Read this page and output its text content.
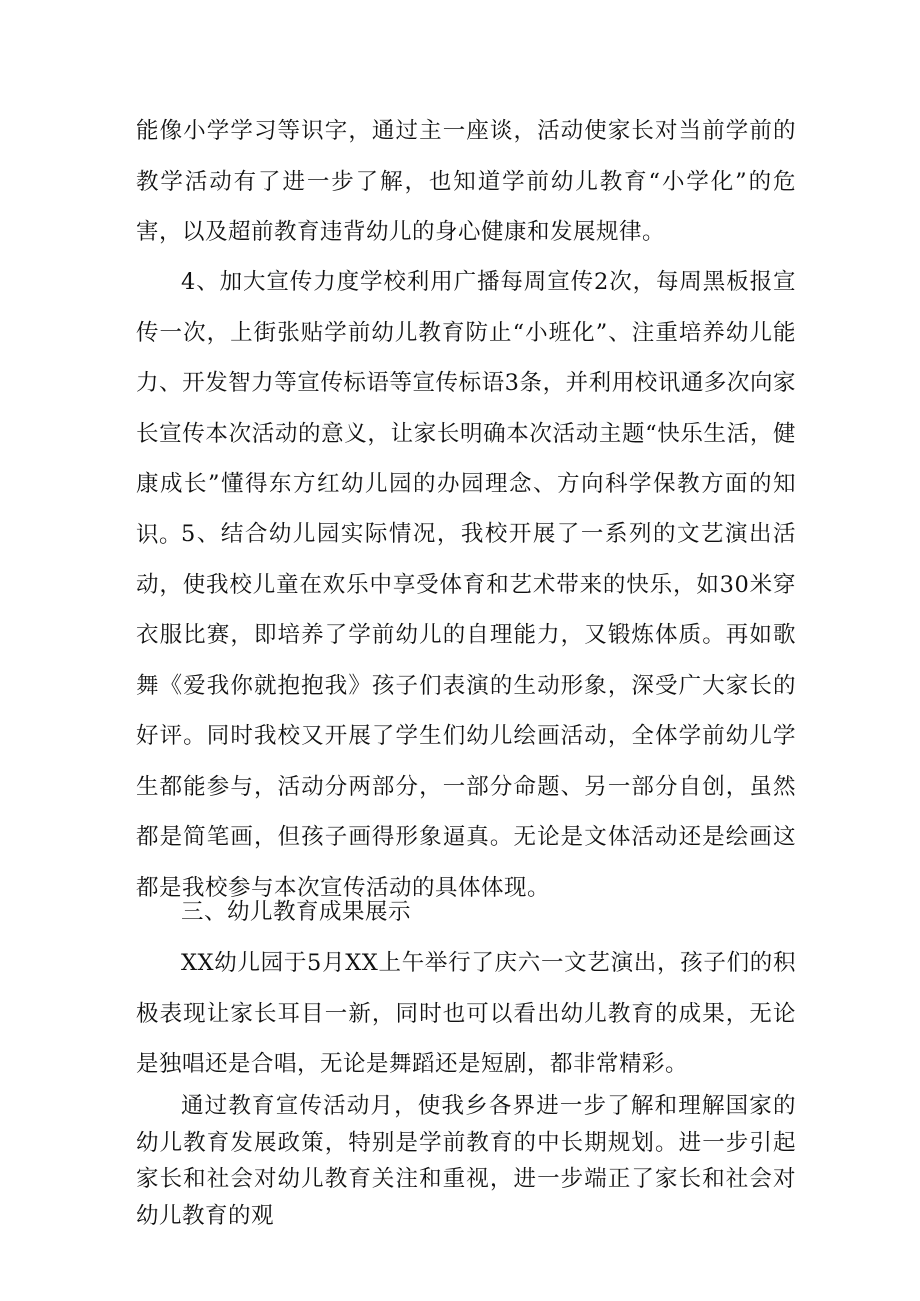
能像小学学习等识字，通过主一座谈，活动使家长对当前学前的教学活动有了进一步了解，也知道学前幼儿教育“小学化”的危害，以及超前教育违背幼儿的身心健康和发展规律。

4、加大宣传力度学校利用广播每周宣传2次，每周黑板报宣传一次，上街张贴学前幼儿教育防止“小班化”、注重培养幼儿能力、开发智力等宣传标语等宣传标语3条，并利用校讯通多次向家长宣传本次活动的意义，让家长明确本次活动主题“快乐生活，健康成长”懂得东方红幼儿园的办园理念、方向科学保教方面的知识。

5、结合幼儿园实际情况，我校开展了一系列的文艺演出活动，使我校儿童在欢乐中享受体育和艺术带来的快乐，如30米穿衣服比赛，即培养了学前幼儿的自理能力，又锻炼体质。再如歌舞《爱我你就抱抱我》孩子们表演的生动形象，深受广大家长的好评。同时我校又开展了学生们幼儿绘画活动，全体学前幼儿学生都能参与，活动分两部分，一部分命题、另一部分自创，虽然都是简笔画，但孩子画得形象逼真。无论是文体活动还是绘画这都是我校参与本次宣传活动的具体体现。

三、幼儿教育成果展示

XX幼儿园于5月XX上午举行了庆六一文艺演出，孩子们的积极表现让家长耳目一新，同时也可以看出幼儿教育的成果，无论是独唱还是合唱，无论是舞蹈还是短剧，都非常精彩。

通过教育宣传活动月，使我乡各界进一步了解和理解国家的幼儿教育发展政策，特别是学前教育的中长期规划。进一步引起家长和社会对幼儿教育关注和重视，进一步端正了家长和社会对幼儿教育的观
